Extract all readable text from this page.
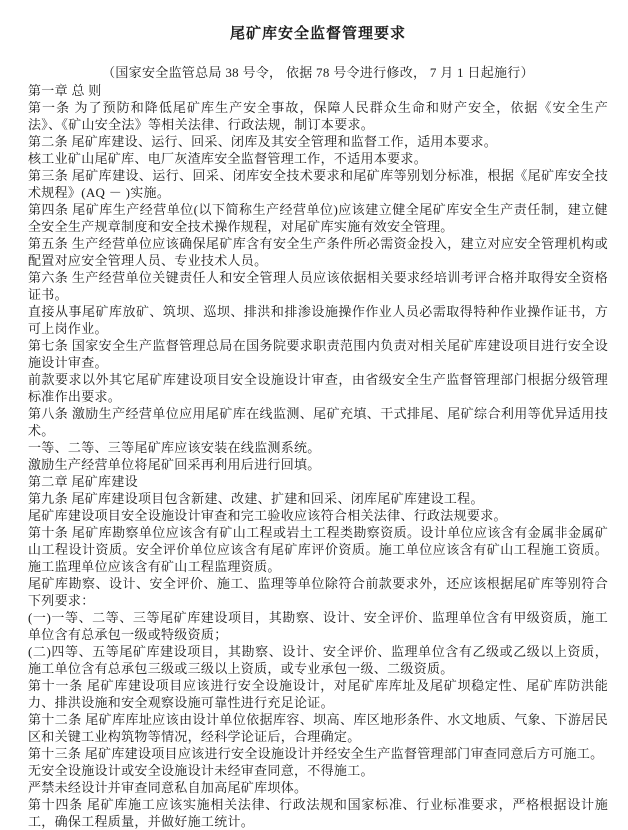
尾矿库安全监督管理要求

（国家安全监管总局 38 号令， 依据 78 号令进行修改， 7 月 1 日起施行）

第一章 总 则

第一条 为了预防和降低尾矿库生产安全事故，保障人民群众生命和财产安全，依据《安全生产法》、《矿山安全法》等相关法律、行政法规，制订本要求。

第二条 尾矿库建设、运行、回采、闭库及其安全管理和监督工作，适用本要求。

核工业矿山尾矿库、电厂灰渣库安全监督管理工作，不适用本要求。

第三条 尾矿库建设、运行、回采、闭库安全技术要求和尾矿库等别划分标准，根据《尾矿库安全技术规程》(AQ － )实施。

第四条 尾矿库生产经营单位(以下简称生产经营单位)应该建立健全尾矿库安全生产责任制，建立健全安全生产规章制度和安全技术操作规程，对尾矿库实施有效安全管理。

第五条 生产经营单位应该确保尾矿库含有安全生产条件所必需资金投入，建立对应安全管理机构或配置对应安全管理人员、专业技术人员。

第六条 生产经营单位关键责任人和安全管理人员应该依据相关要求经培训考评合格并取得安全资格证书。

直接从事尾矿库放矿、筑坝、巡坝、排洪和排渗设施操作作业人员必需取得特种作业操作证书，方可上岗作业。

第七条 国家安全生产监督管理总局在国务院要求职责范围内负责对相关尾矿库建设项目进行安全设施设计审查。

前款要求以外其它尾矿库建设项目安全设施设计审查，由省级安全生产监督管理部门根据分级管理标准作出要求。

第八条 激励生产经营单位应用尾矿库在线监测、尾矿充填、干式排尾、尾矿综合利用等优异适用技术。

一等、二等、三等尾矿库应该安装在线监测系统。

激励生产经营单位将尾矿回采再利用后进行回填。

第二章 尾矿库建设

第九条 尾矿库建设项目包含新建、改建、扩建和回采、闭库尾矿库建设工程。

尾矿库建设项目安全设施设计审查和完工验收应该符合相关法律、行政法规要求。

第十条 尾矿库勘察单位应该含有矿山工程或岩土工程类勘察资质。设计单位应该含有金属非金属矿山工程设计资质。安全评价单位应该含有尾矿库评价资质。施工单位应该含有矿山工程施工资质。施工监理单位应该含有矿山工程监理资质。

尾矿库勘察、设计、安全评价、施工、监理等单位除符合前款要求外，还应该根据尾矿库等别符合下列要求：

(一)一等、二等、三等尾矿库建设项目，其勘察、设计、安全评价、监理单位含有甲级资质，施工单位含有总承包一级或特级资质；

(二)四等、五等尾矿库建设项目，其勘察、设计、安全评价、监理单位含有乙级或乙级以上资质，施工单位含有总承包三级或三级以上资质，或专业承包一级、二级资质。

第十一条 尾矿库建设项目应该进行安全设施设计，对尾矿库库址及尾矿坝稳定性、尾矿库防洪能力、排洪设施和安全观察设施可靠性进行充足论证。

第十二条 尾矿库库址应该由设计单位依据库容、坝高、库区地形条件、水文地质、气象、下游居民区和关键工业构筑物等情况，经科学论证后，合理确定。

第十三条 尾矿库建设项目应该进行安全设施设计并经安全生产监督管理部门审查同意后方可施工。

无安全设施设计或安全设施设计未经审查同意，不得施工。

严禁未经设计并审查同意私自加高尾矿库坝体。

第十四条 尾矿库施工应该实施相关法律、行政法规和国家标准、行业标准要求，严格根据设计施工，确保工程质量，并做好施工统计。
